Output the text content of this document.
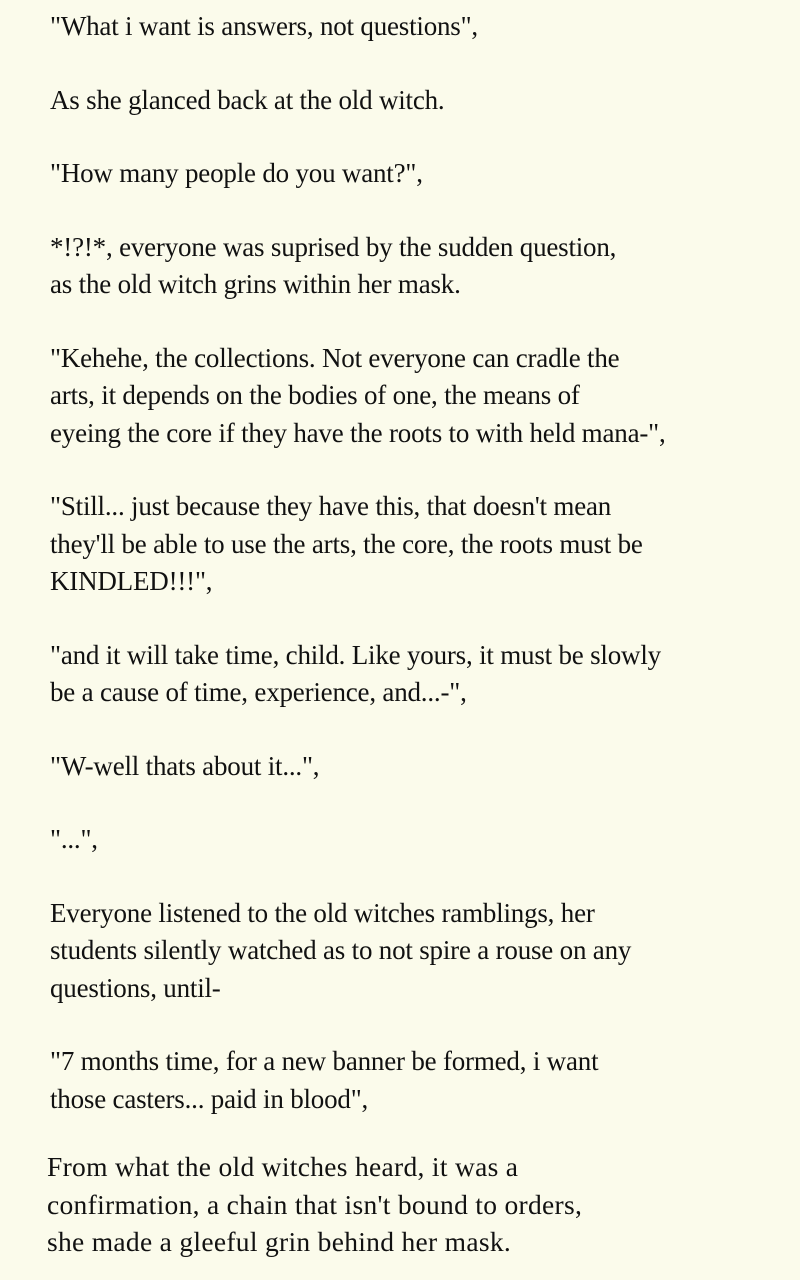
"What i want is answers, not questions",

As she glanced back at the old witch.

"How many people do you want?",

*!?!*, everyone was suprised by the sudden question,
as the old witch grins within her mask.

"Kehehe, the collections. Not everyone can cradle the
arts, it depends on the bodies of one, the means of
eyeing the core if they have the roots to with held mana-",

"Still... just because they have this, that doesn't mean
they'll be able to use the arts, the core, the roots must be
KINDLED!!!",

"and it will take time, child. Like yours, it must be slowly
be a cause of time, experience, and...-",

"W-well thats about it...",

"...",

Everyone listened to the old witches ramblings, her
students silently watched as to not spire a rouse on any
questions, until-

"7 months time, for a new banner be formed, i want
those casters... paid in blood",

From what the old witches heard, it was a
confirmation, a chain that isn't bound to orders,
she made a gleeful grin behind her mask.
